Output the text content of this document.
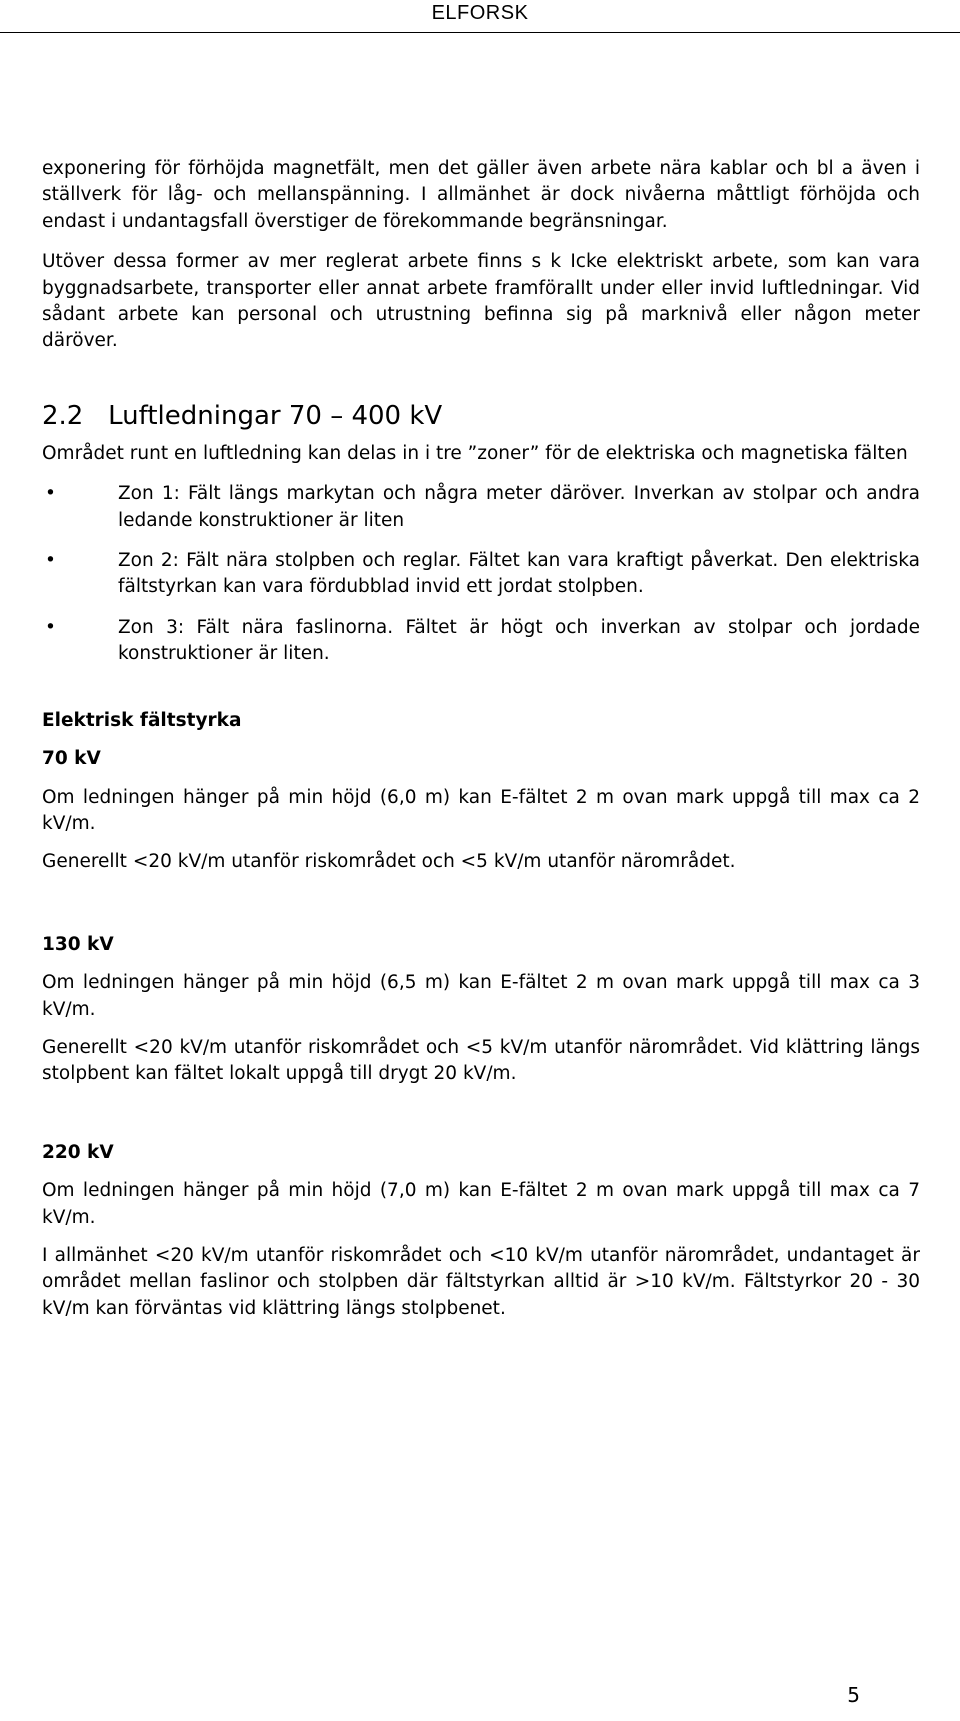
ELFORSK

exponering för förhöjda magnetfält, men det gäller även arbete nära kablar och bl a även i ställverk för låg- och mellanspänning. I allmänhet är dock nivåerna måttligt förhöjda och endast i undantagsfall överstiger de förekommande begränsningar.

Utöver dessa former av mer reglerat arbete finns s k Icke elektriskt arbete, som kan vara byggnadsarbete, transporter eller annat arbete framförallt under eller invid luftledningar. Vid sådant arbete kan personal och utrustning befinna sig på marknivå eller någon meter däröver.

2.2 Luftledningar 70 – 400 kV

Området runt en luftledning kan delas in i tre ”zoner” för de elektriska och magnetiska fälten

•	Zon 1: Fält längs markytan och några meter däröver. Inverkan av stolpar och andra ledande konstruktioner är liten
•	Zon 2: Fält nära stolpben och reglar. Fältet kan vara kraftigt påverkat. Den elektriska fältstyrkan kan vara fördubblad invid ett jordat stolpben.
•	Zon 3: Fält nära faslinorna. Fältet är högt och inverkan av stolpar och jordade konstruktioner är liten.

Elektrisk fältstyrka

70 kV

Om ledningen hänger på min höjd (6,0 m) kan E-fältet 2 m ovan mark uppgå till max ca 2 kV/m.

Generellt <20 kV/m utanför riskområdet och <5 kV/m utanför närområdet.

130 kV

Om ledningen hänger på min höjd (6,5 m) kan E-fältet 2 m ovan mark uppgå till max ca 3 kV/m.

Generellt <20 kV/m utanför riskområdet och <5 kV/m utanför närområdet. Vid klättring längs stolpbent kan fältet lokalt uppgå till drygt 20 kV/m.

220 kV

Om ledningen hänger på min höjd (7,0 m) kan E-fältet 2 m ovan mark uppgå till max ca 7 kV/m.

I allmänhet <20 kV/m utanför riskområdet och <10 kV/m utanför närområdet, undantaget är området mellan faslinor och stolpben där fältstyrkan alltid är >10 kV/m. Fältstyrkor 20 - 30 kV/m kan förväntas vid klättring längs stolpbenet.

5
